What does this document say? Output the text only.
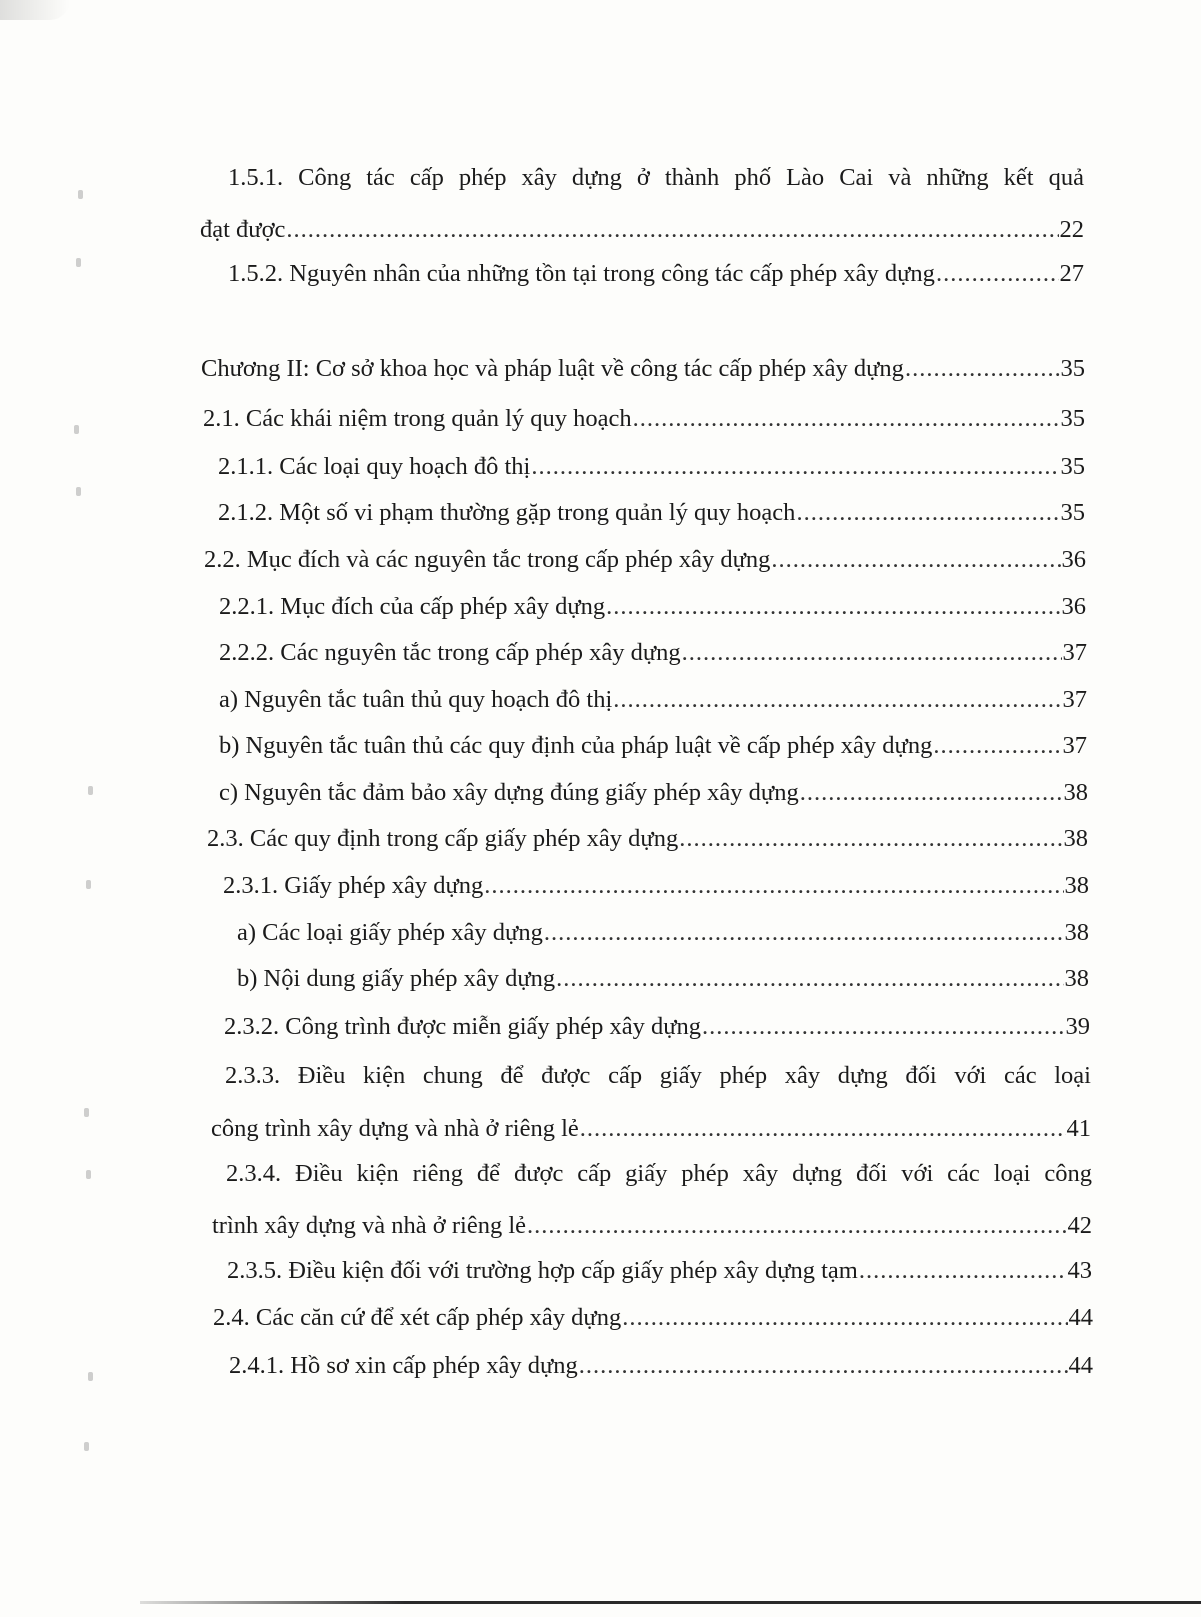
1.5.1. Công tác cấp phép xây dựng ở thành phố Lào Cai và những kết quả
đạt được .....	22
1.5.2. Nguyên nhân của những tồn tại trong công tác cấp phép xây dựng .....	27
Chương II: Cơ sở khoa học và pháp luật về công tác cấp phép xây dựng .....	35
2.1. Các khái niệm trong quản lý quy hoạch .....	35
2.1.1. Các loại quy hoạch đô thị .....	35
2.1.2. Một số vi phạm thường gặp trong quản lý quy hoạch .....	35
2.2. Mục đích và các nguyên tắc trong cấp phép xây dựng .....	36
2.2.1. Mục đích của cấp phép xây dựng .....	36
2.2.2. Các nguyên tắc trong cấp phép xây dựng .....	37
a) Nguyên tắc tuân thủ quy hoạch đô thị .....	37
b) Nguyên tắc tuân thủ các quy định của pháp luật về cấp phép xây dựng .....	37
c) Nguyên tắc đảm bảo xây dựng đúng giấy phép xây dựng .....	38
2.3. Các quy định trong cấp giấy phép xây dựng .....	38
2.3.1. Giấy phép xây dựng .....	38
a) Các loại giấy phép xây dựng .....	38
b) Nội dung giấy phép xây dựng .....	38
2.3.2. Công trình được miễn giấy phép xây dựng .....	39
2.3.3. Điều kiện chung để được cấp giấy phép xây dựng đối với các loại
công trình xây dựng và nhà ở riêng lẻ .....	41
2.3.4. Điều kiện riêng để được cấp giấy phép xây dựng đối với các loại công
trình xây dựng và nhà ở riêng lẻ .....	42
2.3.5. Điều kiện đối với trường hợp cấp giấy phép xây dựng tạm .....	43
2.4. Các căn cứ để xét cấp phép xây dựng .....	44
2.4.1. Hồ sơ xin cấp phép xây dựng .....	44
